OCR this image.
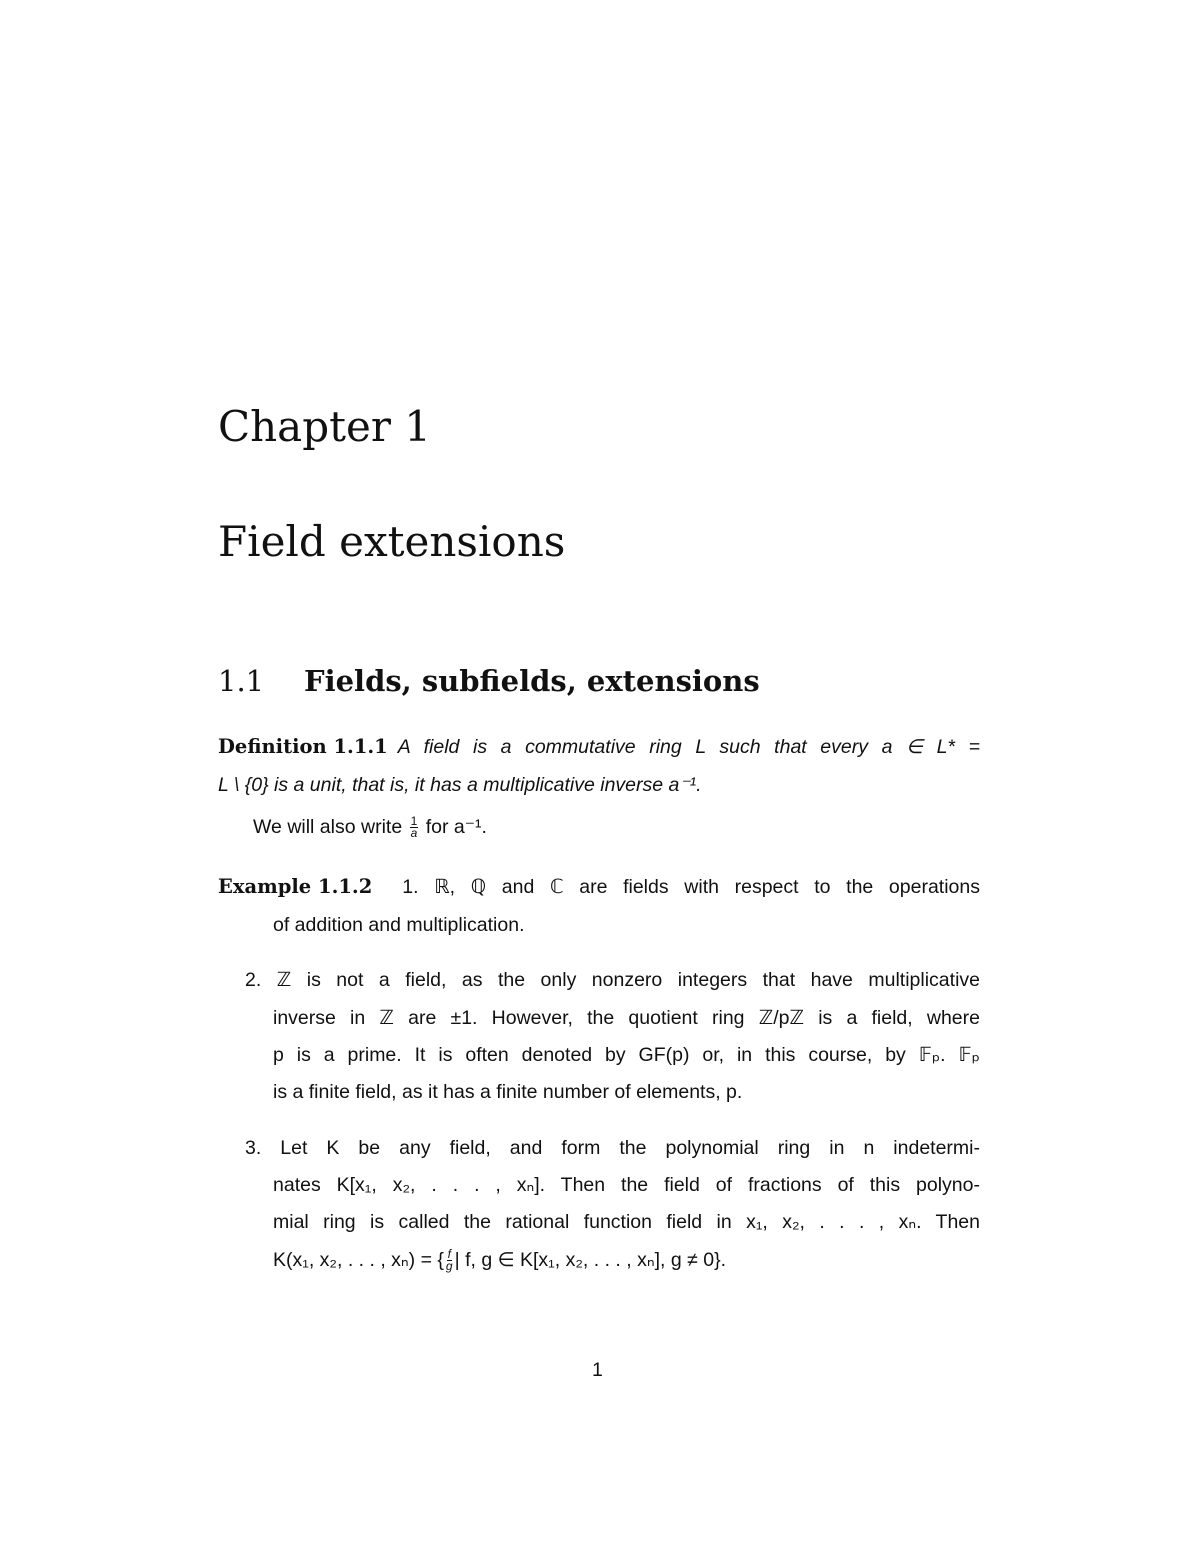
Chapter 1
Field extensions
1.1 Fields, subfields, extensions
Definition 1.1.1 A field is a commutative ring L such that every a ∈ L* =
L \ {0} is a unit, that is, it has a multiplicative inverse a⁻¹.
We will also write $\frac{1}{a}$ for a⁻¹.
Example 1.1.2 1. ℝ, ℚ and ℂ are fields with respect to the operations
of addition and multiplication.
2. ℤ is not a field, as the only nonzero integers that have multiplicative
inverse in ℤ are ±1. However, the quotient ring ℤ/pℤ is a field, where
p is a prime. It is often denoted by GF(p) or, in this course, by 𝔽ₚ. 𝔽ₚ
is a finite field, as it has a finite number of elements, p.
3. Let K be any field, and form the polynomial ring in n indetermi-
nates K[x₁, x₂, . . . , xₙ]. Then the field of fractions of this polyno-
mial ring is called the rational function field in x₁, x₂, . . . , xₙ. Then
K(x₁, x₂, . . . , xₙ) = { $\frac{f}{g}$ | f, g ∈ K[x₁, x₂, . . . , xₙ], g ≠ 0}.
1
